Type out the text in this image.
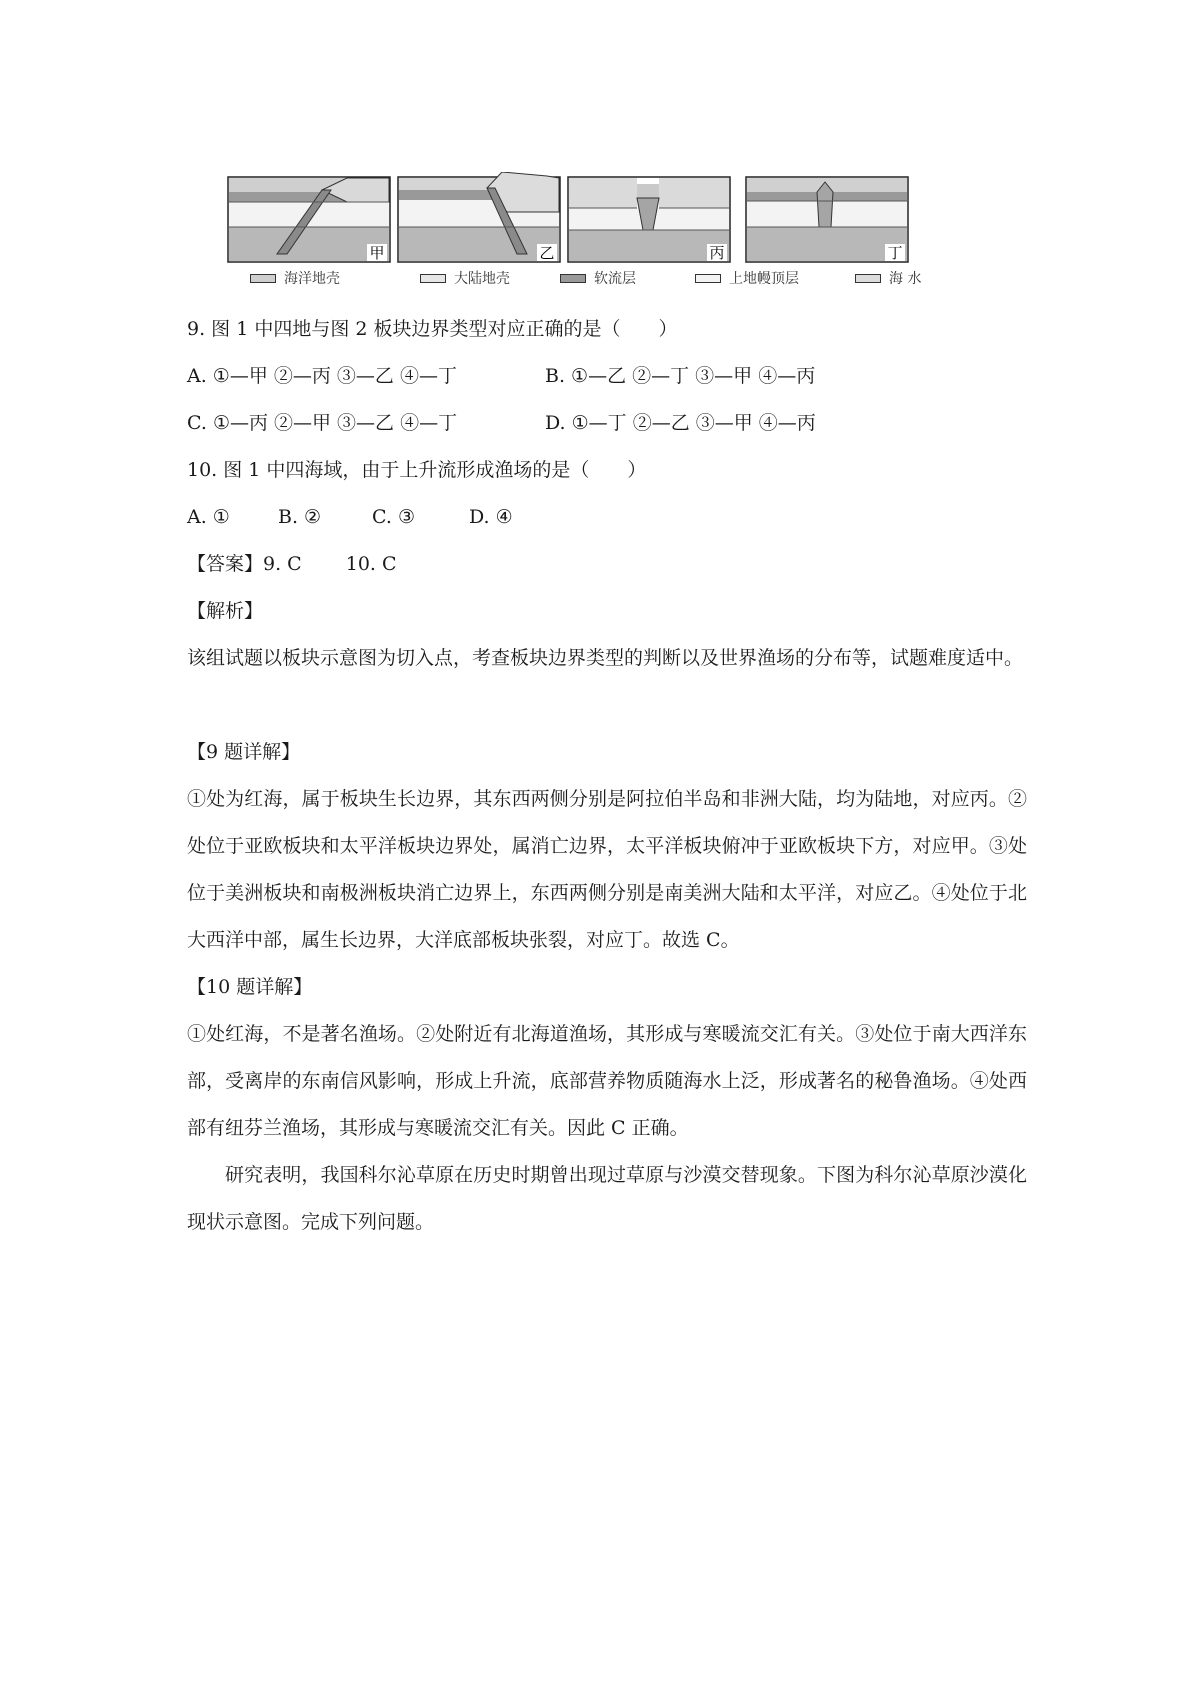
甲	乙	丙	丁
海洋地壳	大陆地壳	软流层	上地幔顶层	海 水
9. 图 1 中四地与图 2 板块边界类型对应正确的是（　　）
A. ①—甲 ②—丙 ③—乙 ④—丁	B. ①—乙 ②—丁 ③—甲 ④—丙
C. ①—丙 ②—甲 ③—乙 ④—丁	D. ①—丁 ②—乙 ③—甲 ④—丙
10. 图 1 中四海域，由于上升流形成渔场的是（　　）
A. ①	B. ②	C. ③	D. ④
【答案】9. C 10. C
【解析】
该组试题以板块示意图为切入点，考查板块边界类型的判断以及世界渔场的分布等，试题难度适中。
【9 题详解】
①处为红海，属于板块生长边界，其东西两侧分别是阿拉伯半岛和非洲大陆，均为陆地，对应丙。②处位于亚欧板块和太平洋板块边界处，属消亡边界，太平洋板块俯冲于亚欧板块下方，对应甲。③处位于美洲板块和南极洲板块消亡边界上，东西两侧分别是南美洲大陆和太平洋，对应乙。④处位于北大西洋中部，属生长边界，大洋底部板块张裂，对应丁。故选 C。
【10 题详解】
①处红海，不是著名渔场。②处附近有北海道渔场，其形成与寒暖流交汇有关。③处位于南大西洋东部，受离岸的东南信风影响，形成上升流，底部营养物质随海水上泛，形成著名的秘鲁渔场。④处西部有纽芬兰渔场，其形成与寒暖流交汇有关。因此 C 正确。
研究表明，我国科尔沁草原在历史时期曾出现过草原与沙漠交替现象。下图为科尔沁草原沙漠化现状示意图。完成下列问题。
